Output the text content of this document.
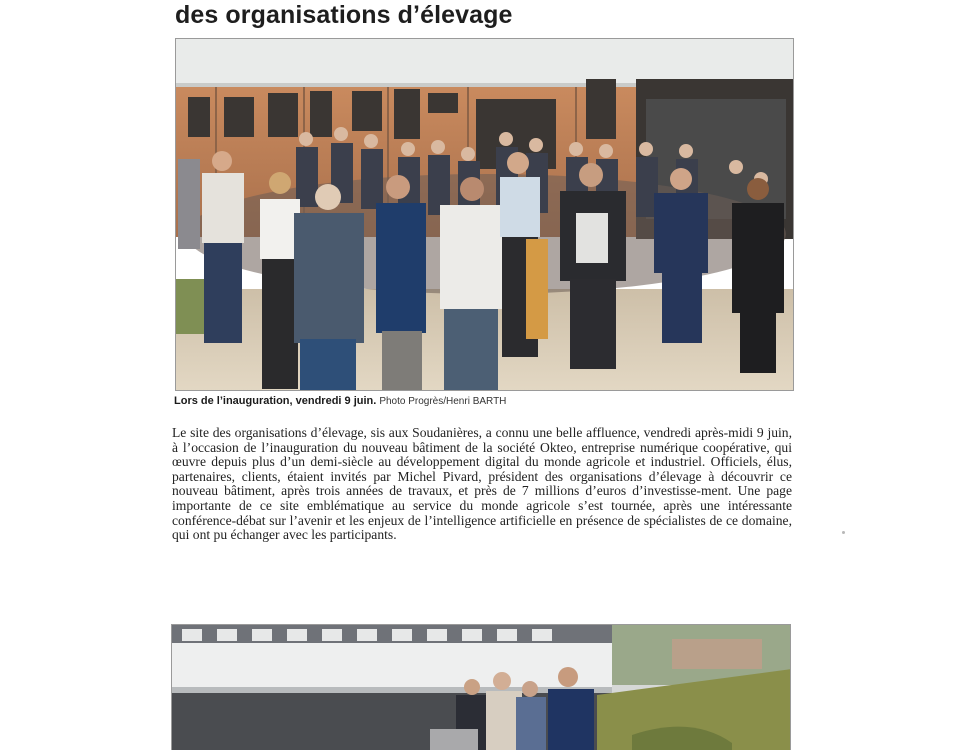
des organisations d’élevage
Lors de l’inauguration, vendredi 9 juin. Photo Progrès/Henri BARTH

Le site des organisations d’élevage, sis aux Soudanières, a connu une belle affluence, vendredi après-midi 9 juin, à l’occasion de l’inauguration du nouveau bâtiment de la société Okteo, entreprise numérique coopérative, qui œuvre depuis plus d’un demi-siècle au développement digital du monde agricole et industriel. Officiels, élus, partenaires, clients, étaient invités par Michel Pivard, président des organisations d’élevage à découvrir ce nouveau bâtiment, après trois années de travaux, et près de 7 millions d’euros d’investisse-ment. Une page importante de ce site emblématique au service du monde agricole s’est tournée, après une intéressante conférence-débat sur l’avenir et les enjeux de l’intelligence artificielle en présence de spécialistes de ce domaine, qui ont pu échanger avec les participants.
